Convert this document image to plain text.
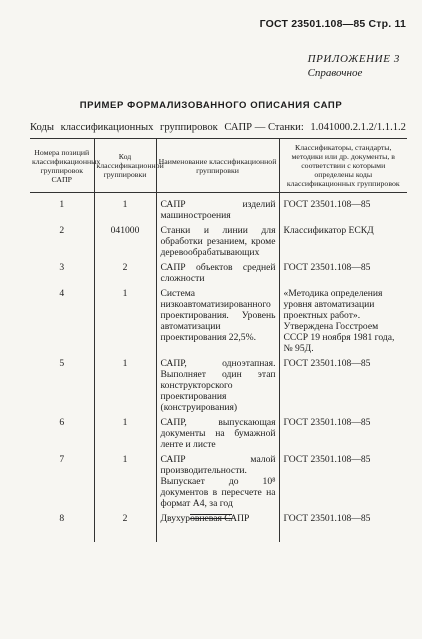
ГОСТ 23501.108—85 Стр. 11
ПРИЛОЖЕНИЕ 3
Справочное
ПРИМЕР ФОРМАЛИЗОВАННОГО ОПИСАНИЯ САПР
Коды классификационных группировок САПР — Станки: 1.041000.2.1.2/1.1.1.2
Номера позиций классификационных группировок САПР	Код классификационной группировки	Наименование классификационной группировки	Классификаторы, стандарты, методики или др. документы, в соответствии с которыми определены коды классификационных группировок
1	1	САПР изделий машиностроения	ГОСТ 23501.108—85
2	041000	Станки и линии для обработки резанием, кроме деревообрабатывающих	Классификатор ЕСКД
3	2	САПР объектов средней сложности	ГОСТ 23501.108—85
4	1	Система низкоавтоматизированного проектирования. Уровень автоматизации проектирования 22,5%.	«Методика определения уровня автоматизации проектных работ». Утверждена Госстроем СССР 19 ноября 1981 года, № 95Д.
5	1	САПР, одноэтапная. Выполняет один этап конструкторского проектирования (конструирования)	ГОСТ 23501.108—85
6	1	САПР, выпускающая документы на бумажной ленте и листе	ГОСТ 23501.108—85
7	1	САПР малой производительности. Выпускает до 10⁸ документов в пересчете на формат А4, за год	ГОСТ 23501.108—85
8	2	Двухуровневая САПР	ГОСТ 23501.108—85
